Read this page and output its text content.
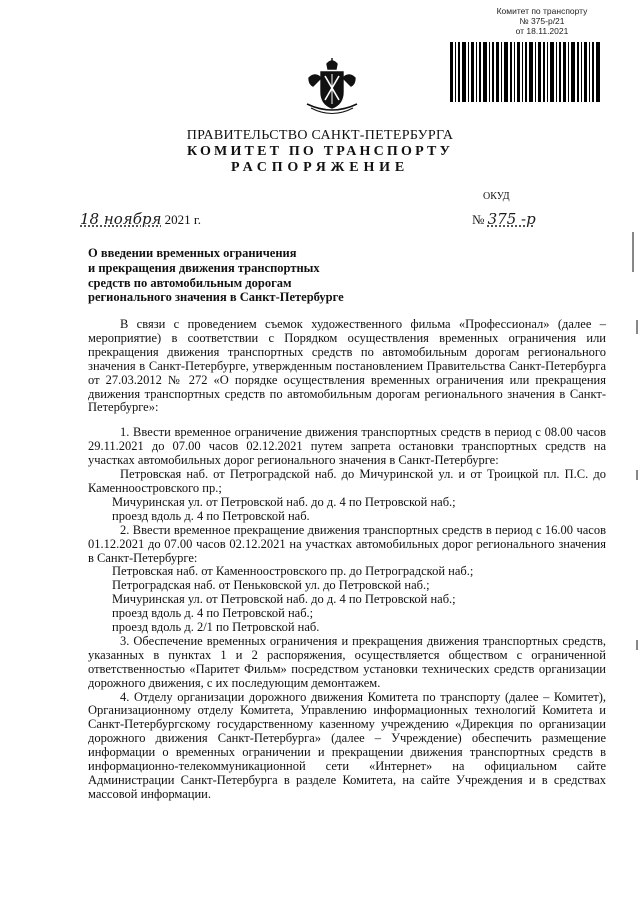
Комитет по транспорту
№ 375-р/21
от 18.11.2021
ПРАВИТЕЛЬСТВО САНКТ-ПЕТЕРБУРГА
КОМИТЕТ ПО ТРАНСПОРТУ
РАСПОРЯЖЕНИЕ
ОКУД
18 ноября 2021 г.	№ 375 -р
О введении временных ограничения
и прекращения движения транспортных
средств по автомобильным дорогам
регионального значения в Санкт-Петербурге

В связи с проведением съемок художественного фильма «Профессионал» (далее – мероприятие) в соответствии с Порядком осуществления временных ограничения или прекращения движения транспортных средств по автомобильным дорогам регионального значения в Санкт-Петербурге, утвержденным постановлением Правительства Санкт-Петербурга от 27.03.2012 № 272 «О порядке осуществления временных ограничения или прекращения движения транспортных средств по автомобильным дорогам регионального значения в Санкт-Петербурге»:

1. Ввести временное ограничение движения транспортных средств в период с 08.00 часов 29.11.2021 до 07.00 часов 02.12.2021 путем запрета остановки транспортных средств на участках автомобильных дорог регионального значения в Санкт-Петербурге:

Петровская наб. от Петроградской наб. до Мичуринской ул. и от Троицкой пл. П.С. до Каменноостровского пр.;

Мичуринская ул. от Петровской наб. до д. 4 по Петровской наб.;

проезд вдоль д. 4 по Петровской наб.

2. Ввести временное прекращение движения транспортных средств в период с 16.00 часов 01.12.2021 до 07.00 часов 02.12.2021 на участках автомобильных дорог регионального значения в Санкт-Петербурге:

Петровская наб. от Каменноостровского пр. до Петроградской наб.;

Петроградская наб. от Пеньковской ул. до Петровской наб.;

Мичуринская ул. от Петровской наб. до д. 4 по Петровской наб.;

проезд вдоль д. 4 по Петровской наб.;

проезд вдоль д. 2/1 по Петровской наб.

3. Обеспечение временных ограничения и прекращения движения транспортных средств, указанных в пунктах 1 и 2 распоряжения, осуществляется обществом с ограниченной ответственностью «Паритет Фильм» посредством установки технических средств организации дорожного движения, с их последующим демонтажем.

4. Отделу организации дорожного движения Комитета по транспорту (далее – Комитет), Организационному отделу Комитета, Управлению информационных технологий Комитета и Санкт-Петербургскому государственному казенному учреждению «Дирекция по организации дорожного движения Санкт-Петербурга» (далее – Учреждение) обеспечить размещение информации о временных ограничении и прекращении движения транспортных средств в информационно-телекоммуникационной сети «Интернет» на официальном сайте Администрации Санкт-Петербурга в разделе Комитета, на сайте Учреждения и в средствах массовой информации.
